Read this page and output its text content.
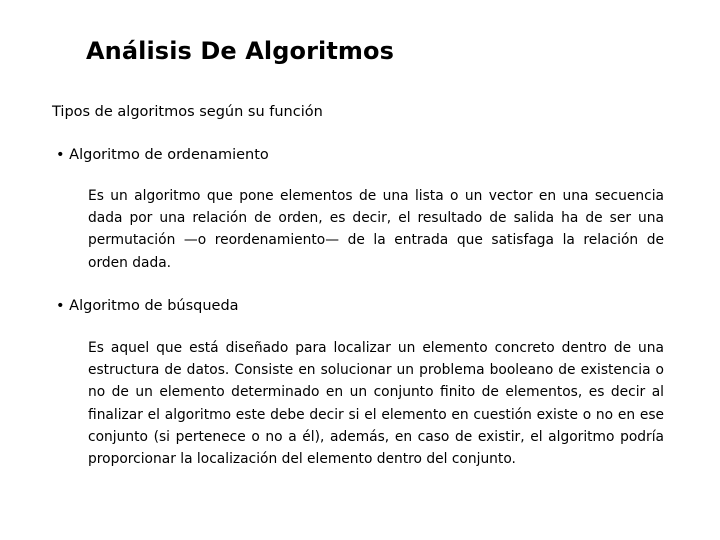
Análisis De Algoritmos

Tipos de algoritmos según su función

• Algoritmo de ordenamiento

Es un algoritmo que pone elementos de una lista o un vector en una secuencia dada por una relación de orden, es decir, el resultado de salida ha de ser una permutación —o reordenamiento— de la entrada que satisfaga la relación de orden dada.

• Algoritmo de búsqueda

Es aquel que está diseñado para localizar un elemento concreto dentro de una estructura de datos. Consiste en solucionar un problema booleano de existencia o no de un elemento determinado en un conjunto finito de elementos, es decir al finalizar el algoritmo este debe decir si el elemento en cuestión existe o no en ese conjunto (si pertenece o no a él), además, en caso de existir, el algoritmo podría proporcionar la localización del elemento dentro del conjunto.
